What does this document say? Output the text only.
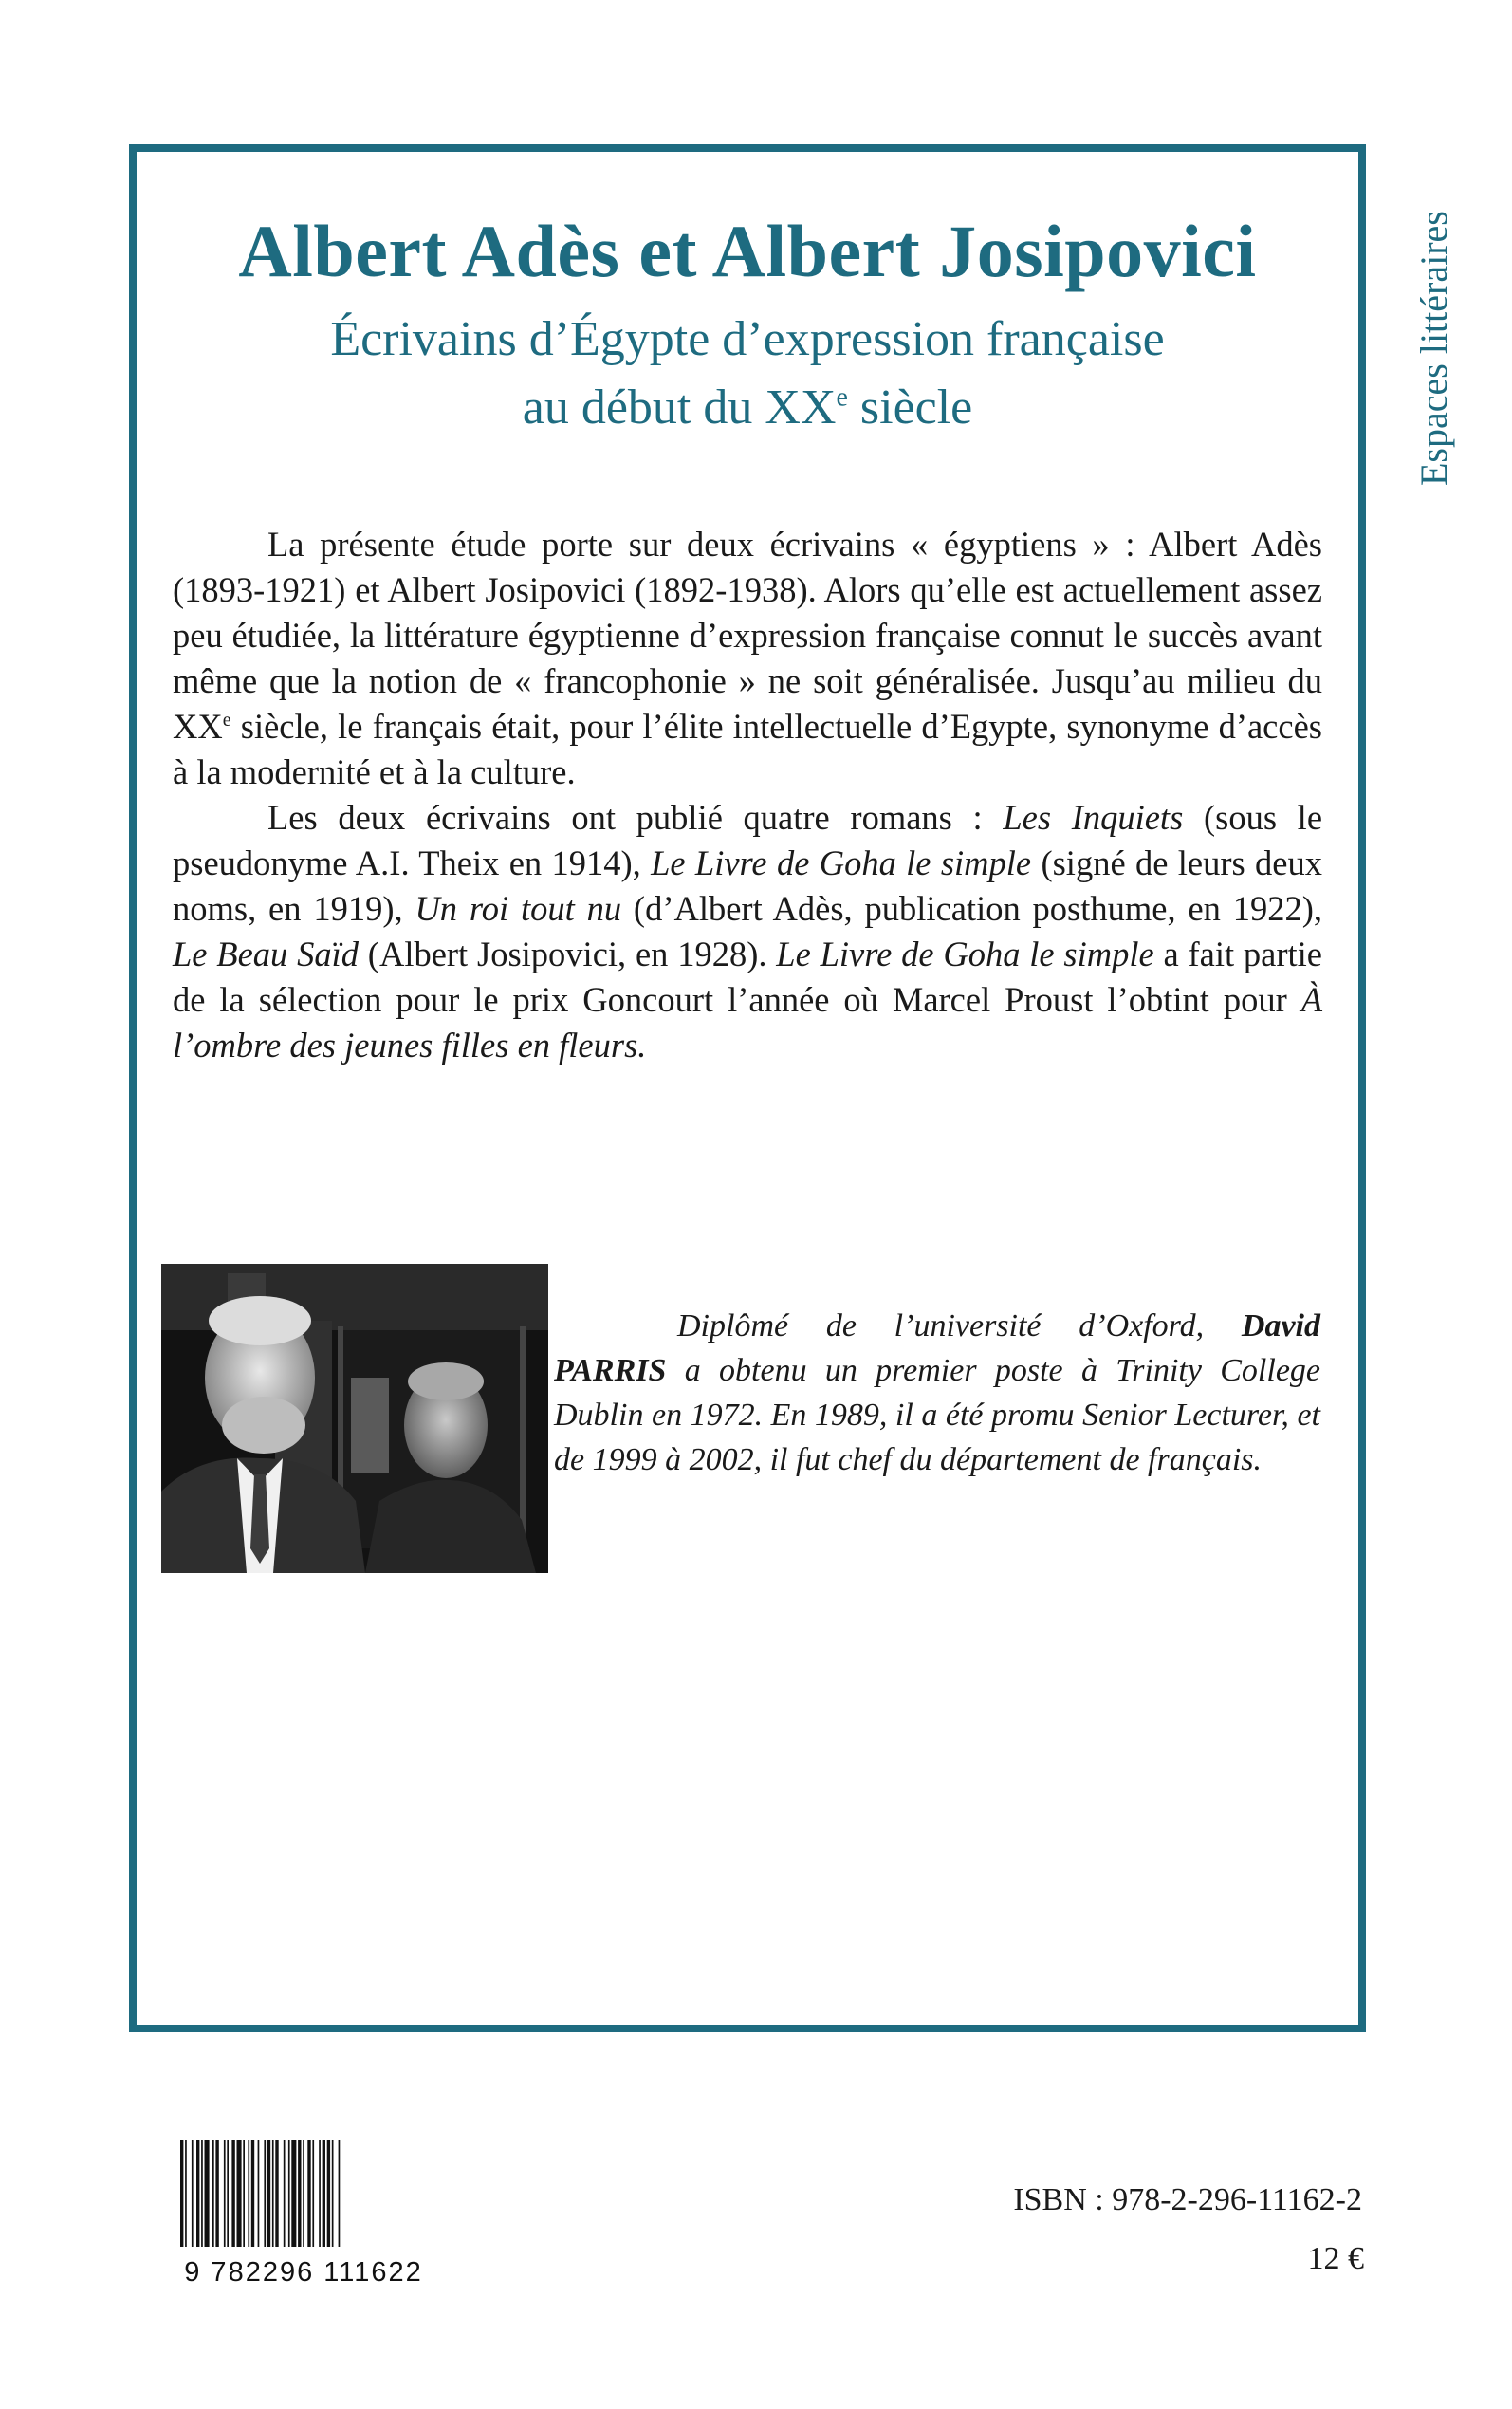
Albert Adès et Albert Josipovici
Écrivains d’Égypte d’expression française
au début du XXe siècle

La présente étude porte sur deux écrivains « égyptiens » : Albert Adès (1893-1921) et Albert Josipovici (1892-1938). Alors qu’elle est actuellement assez peu étudiée, la littérature égyptienne d’expression française connut le succès avant même que la notion de « francophonie » ne soit généralisée. Jusqu’au milieu du XXe siècle, le français était, pour l’élite intellectuelle d’Egypte, synonyme d’accès à la modernité et à la culture.

Les deux écrivains ont publié quatre romans : Les Inquiets (sous le pseudonyme A.I. Theix en 1914), Le Livre de Goha le simple (signé de leurs deux noms, en 1919), Un roi tout nu (d’Albert Adès, publication posthume, en 1922), Le Beau Saïd (Albert Josipovici, en 1928). Le Livre de Goha le simple a fait partie de la sélection pour le prix Goncourt l’année où Marcel Proust l’obtint pour À l’ombre des jeunes filles en fleurs.

Diplômé de l’université d’Oxford, David PARRIS a obtenu un premier poste à Trinity College Dublin en 1972. En 1989, il a été promu Senior Lecturer, et de 1999 à 2002, il fut chef du département de français.

Espaces littéraires
9 782296 111622
ISBN : 978-2-296-11162-2
12 €
